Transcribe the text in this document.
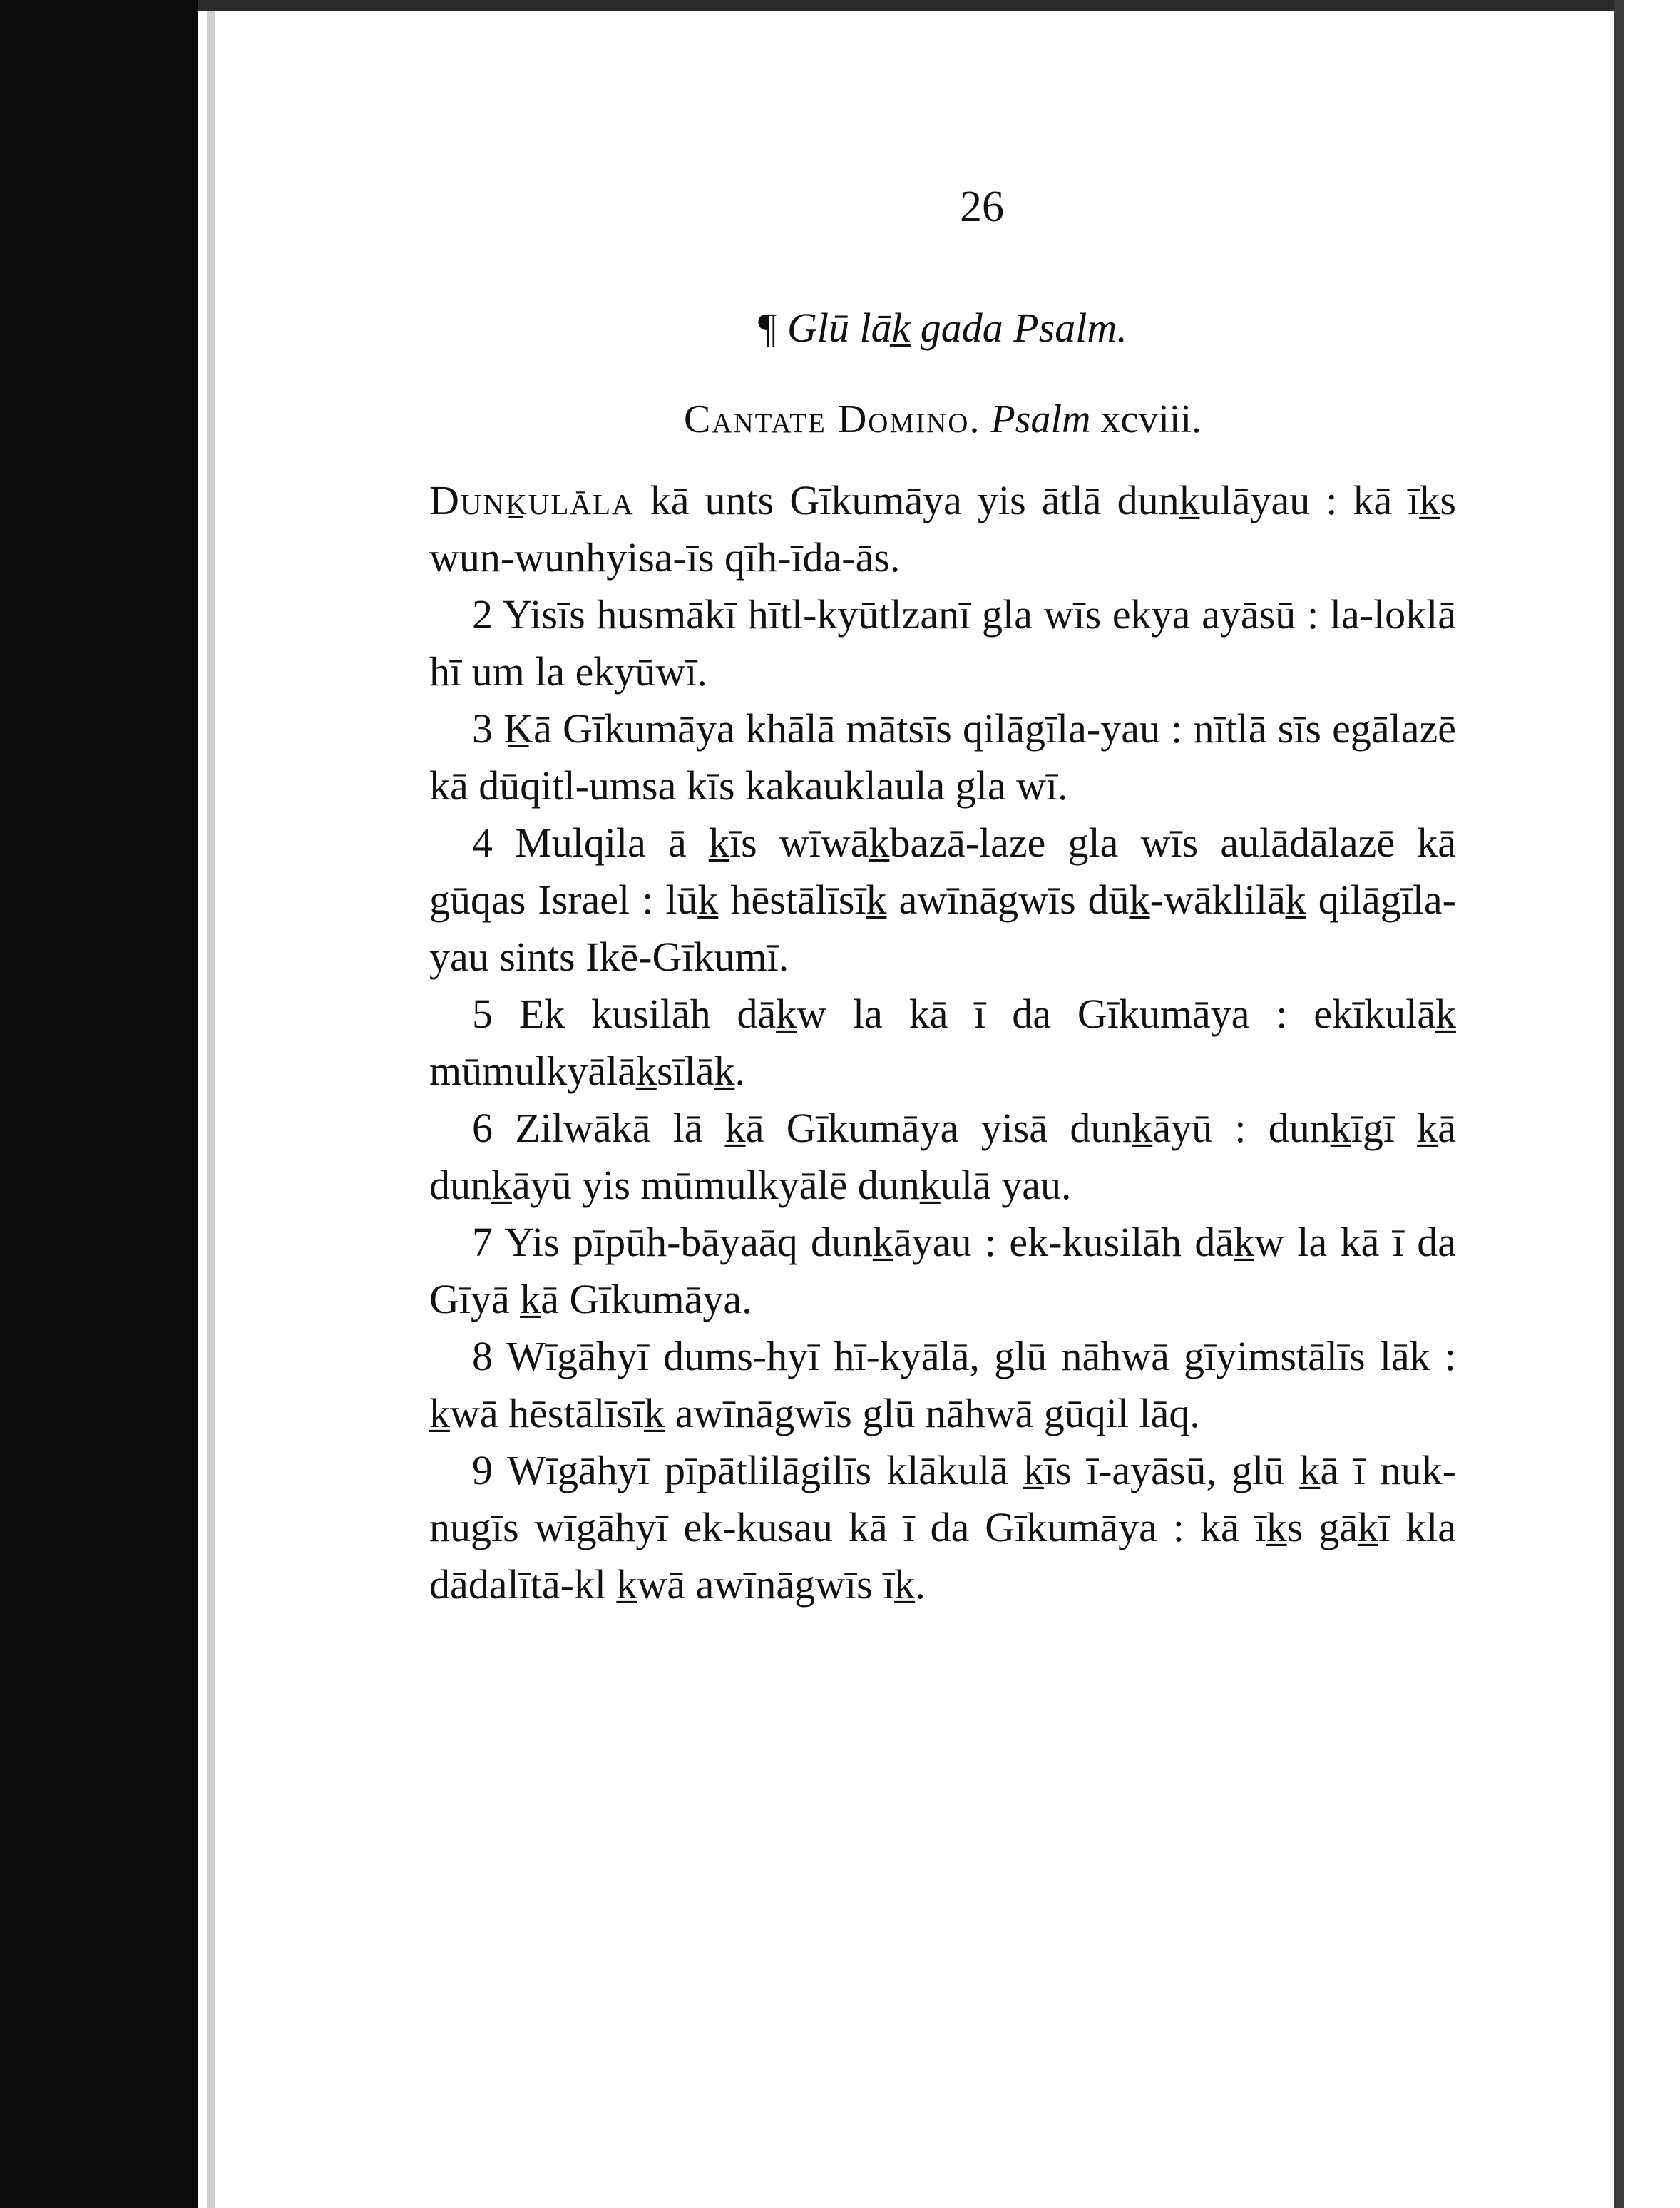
26
¶ Glū lāk̲ gada Psalm.
Cantate Domino. Psalm xcviii.

Dunk̲ulāla kā unts Gīkumāya yis ātlā dunk̲ulāyau : kā īk̲s wun-wunhyisa-īs qīh-īda-ās.

2 Yisīs husmākī hītl-kyūtlzanī gla wīs ekya ayāsū : la-loklā hī um la ekyūwī.

3 K̲ā Gīkumāya khālā mātsīs qilāgīla-yau : nītlā sīs egālazē kā dūqitl-umsa kīs kakauklaula gla wī.

4 Mulqila ā k̲īs wīwāk̲bazā-laze gla wīs aulādālazē kā gūqas Israel : lūk̲ hēstālīsīk̲ awīnāgwīs dūk̲-wāklilāk̲ qilāgīla-yau sints Ikē-Gīkumī.

5 Ek kusilāh dāk̲w la kā ī da Gīkumāya : ekīkulāk̲ mūmulkyālāk̲sīlāk̲.

6 Zilwākā lā k̲ā Gīkumāya yisā dunk̲āyū : dunk̲īgī k̲ā dunk̲āyū yis mūmulkyālē dunk̲ulā yau.

7 Yis pīpūh-bāyaāq dunk̲āyau : ek-kusilāh dāk̲w la kā ī da Gīyā k̲ā Gīkumāya.

8 Wīgāhyī dums-hyī hī-kyālā, glū nāhwā gīyimstālīs lāk : k̲wā hēstālīsīk̲ awīnāgwīs glū nāhwā gūqil lāq.

9 Wīgāhyī pīpātlilāgilīs klākulā k̲īs ī-ayāsū, glū k̲ā ī nuk-nugīs wīgāhyī ek-kusau kā ī da Gīkumāya : kā īk̲s gāk̲ī kla dādalītā-kl k̲wā awīnāgwīs īk̲.
